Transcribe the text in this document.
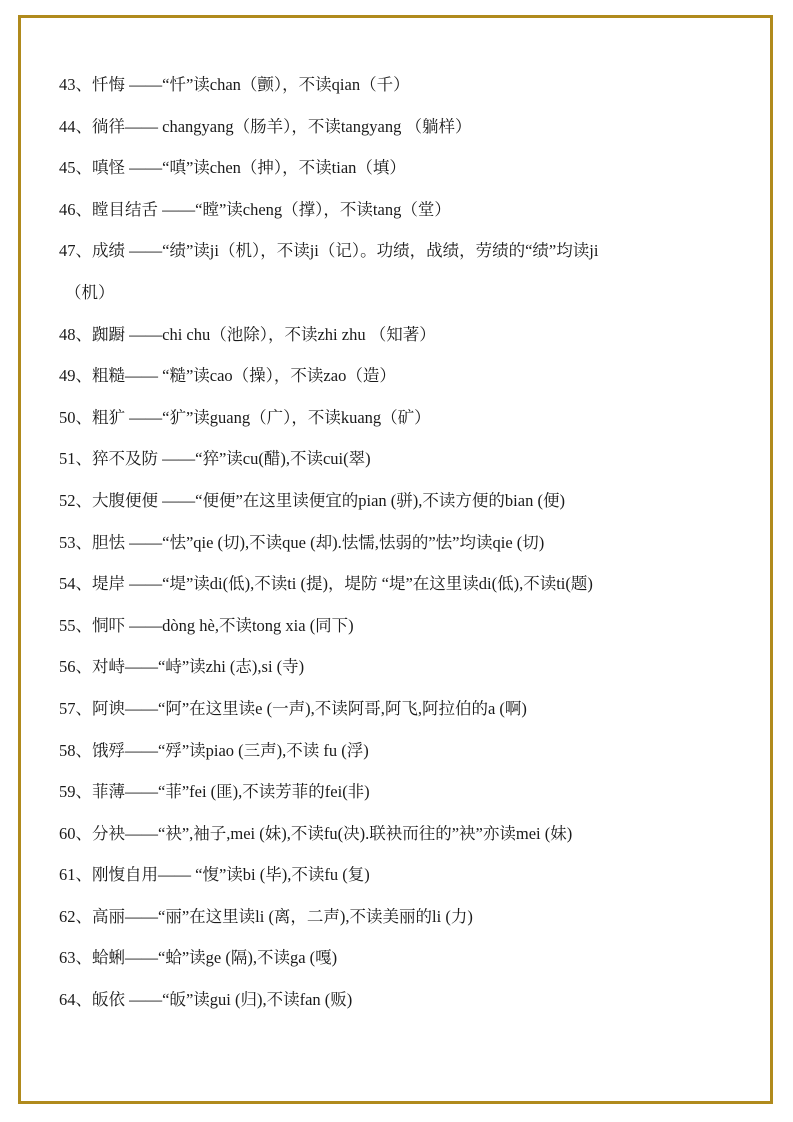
43、忏悔 ——“忏”读chan（颤），不读qian（千）
44、徜徉—— changyang（肠羊），不读tangyang （躺样）
45、嗔怪 ——“嗔”读chen（抻），不读tian（填）
46、瞠目结舌 ——“瞠”读cheng（撑），不读tang（堂）
47、成绩 ——“绩”读ji（机），不读ji（记）。功绩，战绩，劳绩的“绩”均读ji
（机）
48、踟蹰 ——chi chu（池除），不读zhi zhu （知著）
49、粗糙—— “糙”读cao（操），不读zao（造）
50、粗犷 ——“犷”读guang（广），不读kuang（矿）
51、猝不及防 ——“猝”读cu(醋),不读cui(翠)
52、大腹便便 ——“便便”在这里读便宜的pian (骈),不读方便的bian (便)
53、胆怯 ——“怯”qie (切),不读que (却).怯懦,怯弱的”怯”均读qie (切)
54、堤岸 ——“堤”读di(低),不读ti (提)，堤防 “堤”在这里读di(低),不读ti(题)
55、恫吓 ——dòng hè,不读tong xia (同下)
56、对峙——“峙”读zhi (志),si (寺)
57、阿谀——“阿”在这里读e (一声),不读阿哥,阿飞,阿拉伯的a (啊)
58、饿殍——“殍”读piao (三声),不读 fu (浮)
59、菲薄——“菲”fei (匪),不读芳菲的fei(非)
60、分袂——“袂”,袖子,mei (妹),不读fu(决).联袂而往的”袂”亦读mei (妹)
61、刚愎自用—— “愎”读bi (毕),不读fu (复)
62、高丽——“丽”在这里读li (离，二声),不读美丽的li (力)
63、蛤蜊——“蛤”读ge (隔),不读ga (嘎)
64、皈依 ——“皈”读gui (归),不读fan (贩)
